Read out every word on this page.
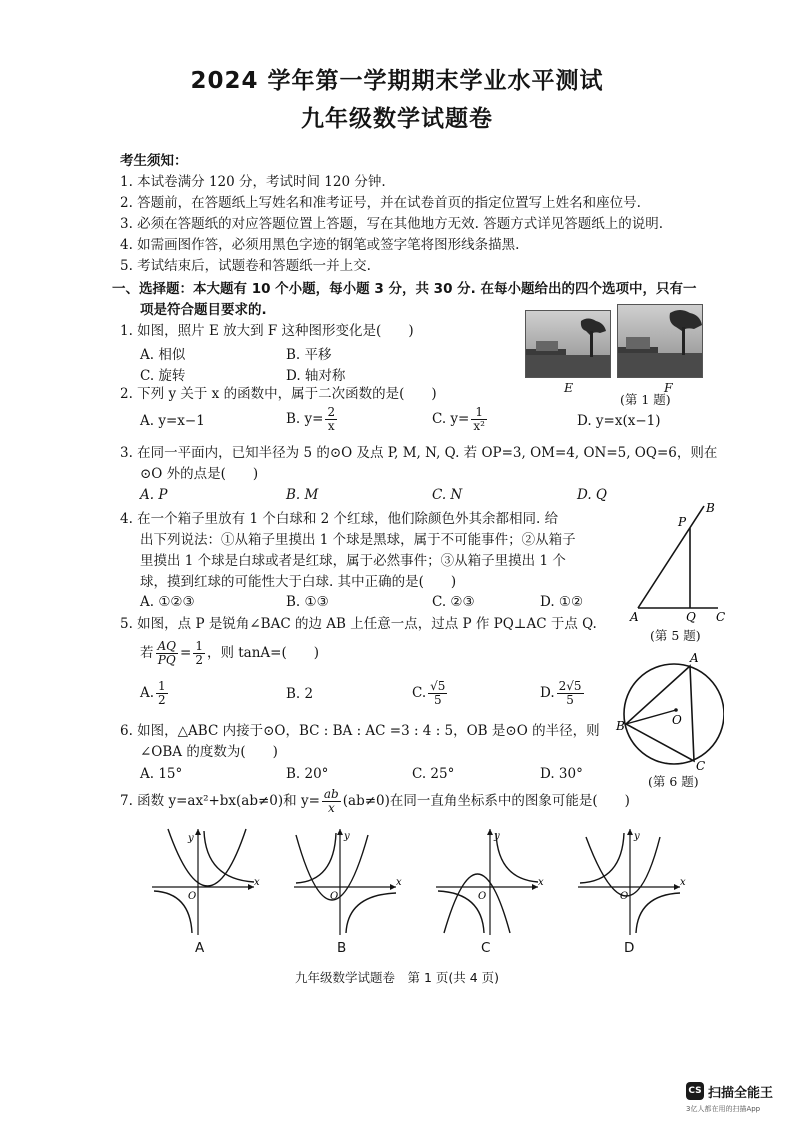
2024 学年第一学期期末学业水平测试
九年级数学试题卷
考生须知：
1. 本试卷满分 120 分，考试时间 120 分钟.
2. 答题前，在答题纸上写姓名和准考证号，并在试卷首页的指定位置写上姓名和座位号.
3. 必须在答题纸的对应答题位置上答题，写在其他地方无效. 答题方式详见答题纸上的说明.
4. 如需画图作答，必须用黑色字迹的钢笔或签字笔将图形线条描黑.
5. 考试结束后，试题卷和答题纸一并上交.
一、选择题：本大题有 10 个小题，每小题 3 分，共 30 分. 在每小题给出的四个选项中，只有一
项是符合题目要求的.
1. 如图，照片 E 放大到 F 这种图形变化是(　　)
A. 相似	B. 平移
C. 旋转	D. 轴对称
E	F
(第 1 题)
2. 下列 y 关于 x 的函数中，属于二次函数的是(　　)
A. y=x−1	B. $y= \frac{2}{x}$	C. $y= \frac{1}{\text{x²}}$	D. y=x(x−1)
3. 在同一平面内，已知半径为 5 的⊙O 及点 P, M, N, Q. 若 OP=3, OM=4, ON=5, OQ=6，则在
⊙O 外的点是(　　)
A. P	B. M	C. N	D. Q
4. 在一个箱子里放有 1 个白球和 2 个红球，他们除颜色外其余都相同. 给
出下列说法：①从箱子里摸出 1 个球是黑球，属于不可能事件；②从箱子
里摸出 1 个球是白球或者是红球，属于必然事件；③从箱子里摸出 1 个
球，摸到红球的可能性大于白球. 其中正确的是(　　)
A. ①②③	B. ①③	C. ②③	D. ①②
A
B
P
Q C
(第 5 题)
5. 如图，点 P 是锐角∠BAC 的边 AB 上任意一点，过点 P 作 PQ⊥AC 于点 Q.
若 $\frac{AQ}{PQ} = \frac{1}{2}$ ，则 tanA=(　　)
A. $\frac{1}{2}$	B. 2	C. $\frac{√5}{5}$	D. $\frac{2√5}{5}$
A
B
C
O
(第 6 题)
6. 如图，△ABC 内接于⊙O，BC : BA : AC =3 : 4 : 5，OB 是⊙O 的半径，则
∠OBA 的度数为(　　)
A. 15°	B. 20°	C. 25°	D. 30°
7. 函数 y=ax²+bx(ab≠0)和 $y= \frac{ab}{x} (ab\ne 0)$在同一直角坐标系中的图象可能是(　　)
x
y
O
x
y
O
x
y
O
x
y
O
A	B	C	D
九年级数学试题卷　第 1 页(共 4 页)
CS 扫描全能王
3亿人都在用的扫描App
